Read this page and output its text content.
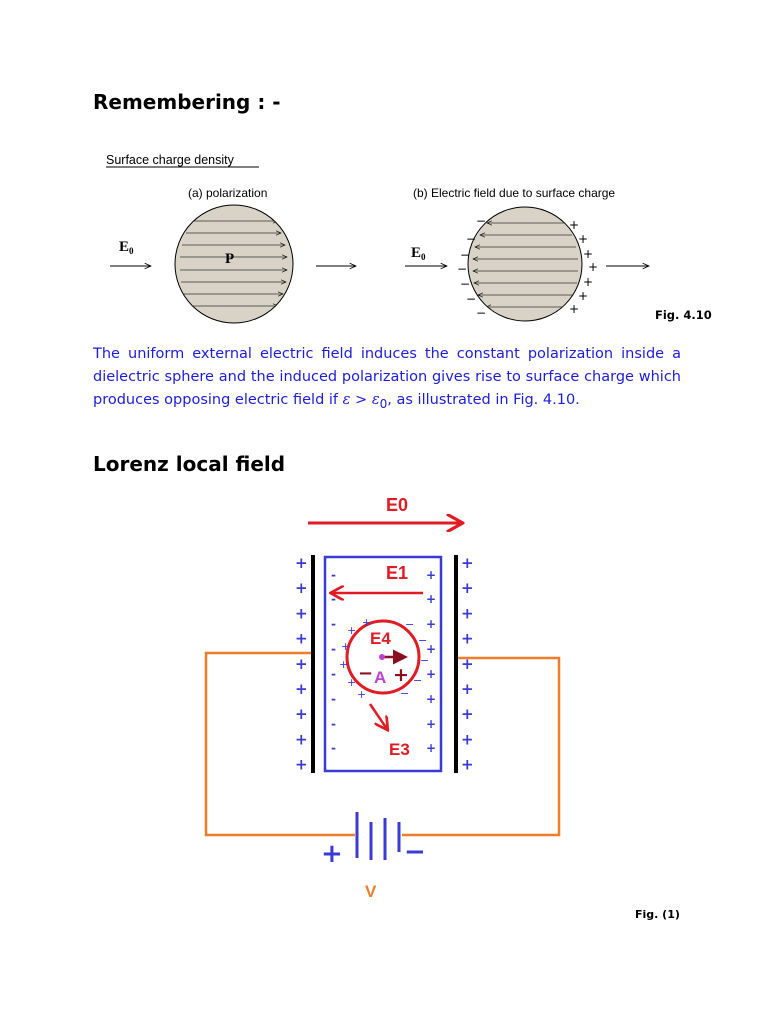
Remembering : -
Surface charge density
(a) polarization	(b) Electric field due to surface charge
$E_0$	P	$E_0$
−
−
−
−
−
−
−
+
+
+
+
+
+
+	Fig. 4.10

The uniform external electric field induces the constant polarization inside a dielectric sphere and the induced polarization gives rise to surface charge which produces opposing electric field if $\varepsilon > \varepsilon_0$, as illustrated in Fig. 4.10.

Lorenz local field
E0
+ −
V
+	+
+	+
+	+
+	+
+	+
+	+
+	+
+	+
+	+
-	+
-	+
-	+
-	+
-	+
-	+
-	+
-	+
E1
+
+
+
+
+
+
−
−
−
−
−
E4
− A +
E3
Fig. (1)
